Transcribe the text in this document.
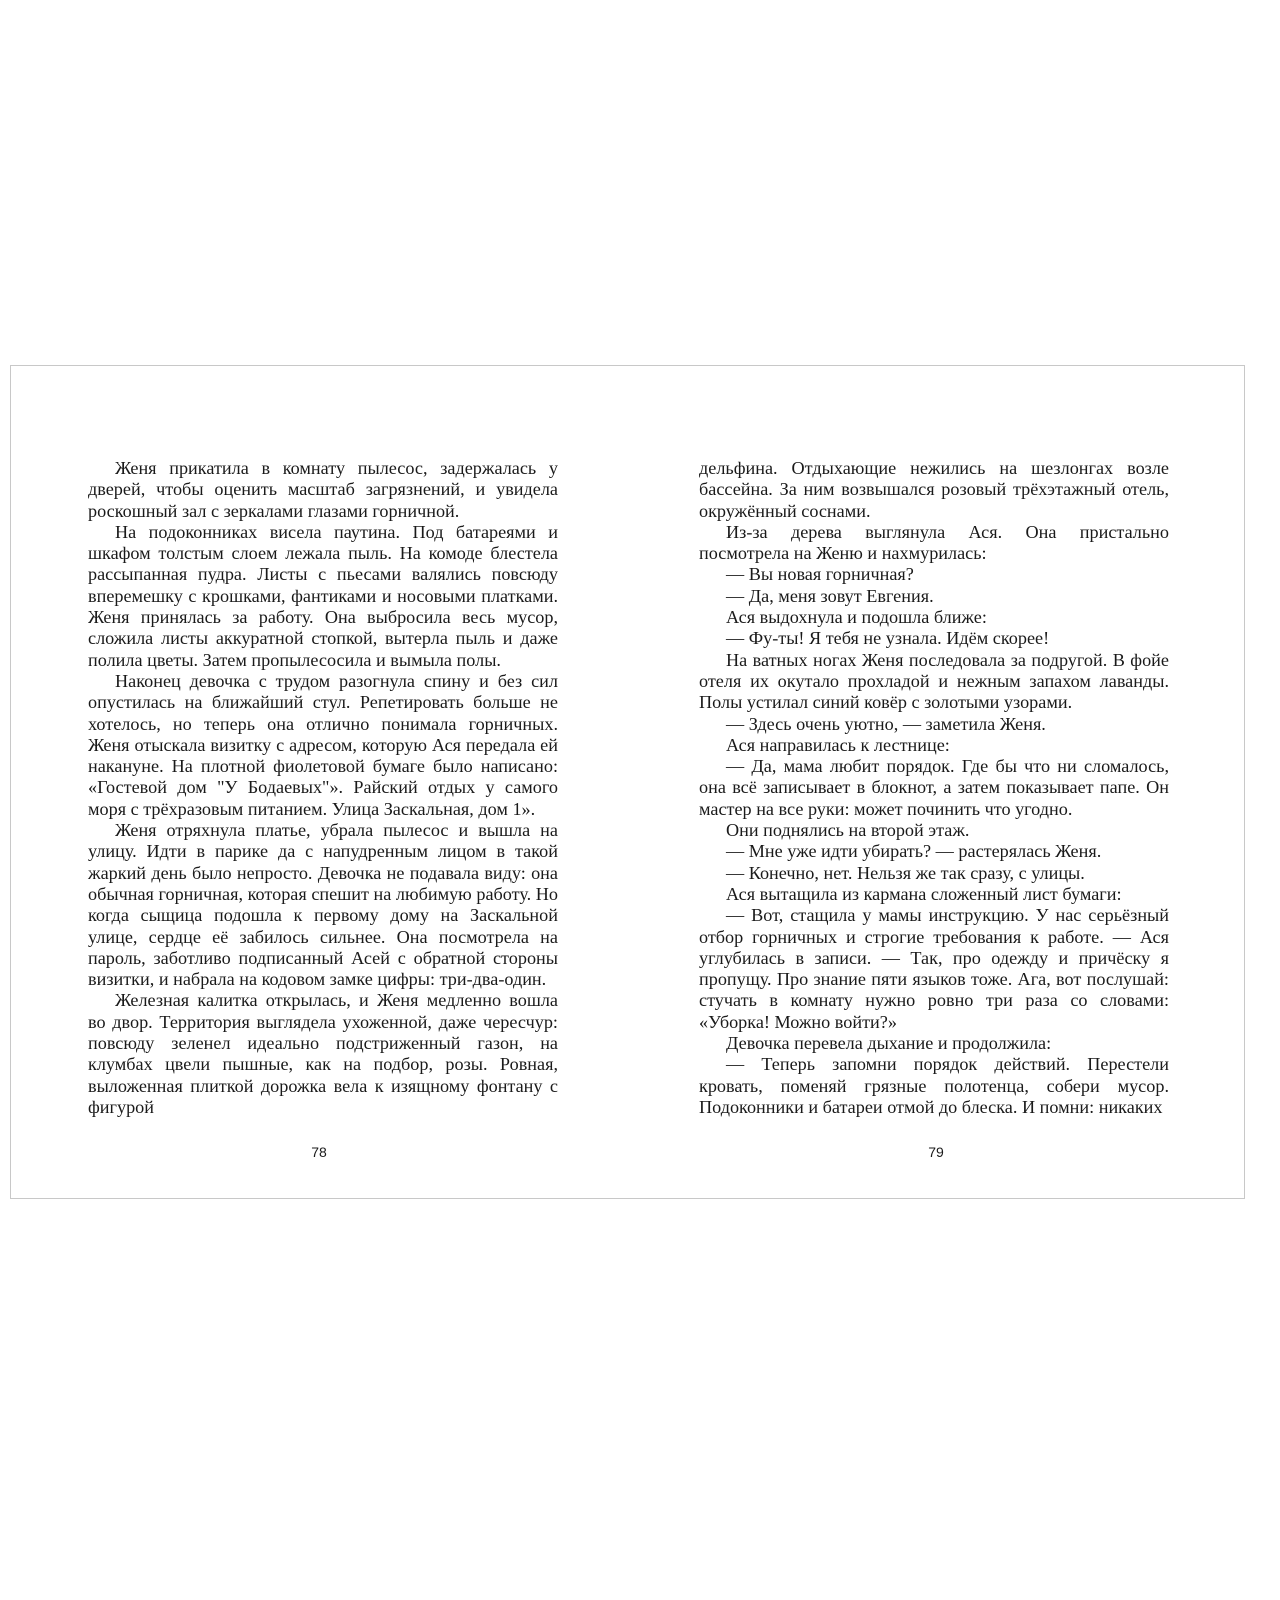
Женя прикатила в комнату пылесос, задержалась у дверей, чтобы оценить масштаб загрязнений, и увидела роскошный зал с зеркалами глазами горничной.

На подоконниках висела паутина. Под батареями и шкафом толстым слоем лежала пыль. На комоде блестела рассыпанная пудра. Листы с пьесами валялись повсюду вперемешку с крошками, фантиками и носовыми платками. Женя принялась за работу. Она выбросила весь мусор, сложила листы аккуратной стопкой, вытерла пыль и даже полила цветы. Затем пропылесосила и вымыла полы.

Наконец девочка с трудом разогнула спину и без сил опустилась на ближайший стул. Репетировать больше не хотелось, но теперь она отлично понимала горничных. Женя отыскала визитку с адресом, которую Ася передала ей накануне. На плотной фиолетовой бумаге было написано: «Гостевой дом "У Бодаевых"». Райский отдых у самого моря с трёхразовым питанием. Улица Заскальная, дом 1».

Женя отряхнула платье, убрала пылесос и вышла на улицу. Идти в парике да с напудренным лицом в такой жаркий день было непросто. Девочка не подавала виду: она обычная горничная, которая спешит на любимую работу. Но когда сыщица подошла к первому дому на Заскальной улице, сердце её забилось сильнее. Она посмотрела на пароль, заботливо подписанный Асей с обратной стороны визитки, и набрала на кодовом замке цифры: три-два-один.

Железная калитка открылась, и Женя медленно вошла во двор. Территория выглядела ухоженной, даже чересчур: повсюду зеленел идеально подстриженный газон, на клумбах цвели пышные, как на подбор, розы. Ровная, выложенная плиткой дорожка вела к изящному фонтану с фигурой

78

дельфина. Отдыхающие нежились на шезлонгах возле бассейна. За ним возвышался розовый трёхэтажный отель, окружённый соснами.

Из-за дерева выглянула Ася. Она пристально посмотрела на Женю и нахмурилась:

— Вы новая горничная?

— Да, меня зовут Евгения.

Ася выдохнула и подошла ближе:

— Фу-ты! Я тебя не узнала. Идём скорее!

На ватных ногах Женя последовала за подругой. В фойе отеля их окутало прохладой и нежным запахом лаванды. Полы устилал синий ковёр с золотыми узорами.

— Здесь очень уютно, — заметила Женя.

Ася направилась к лестнице:

— Да, мама любит порядок. Где бы что ни сломалось, она всё записывает в блокнот, а затем показывает папе. Он мастер на все руки: может починить что угодно.

Они поднялись на второй этаж.

— Мне уже идти убирать? — растерялась Женя.

— Конечно, нет. Нельзя же так сразу, с улицы.

Ася вытащила из кармана сложенный лист бумаги:

— Вот, стащила у мамы инструкцию. У нас серьёзный отбор горничных и строгие требования к работе. — Ася углубилась в записи. — Так, про одежду и причёску я пропущу. Про знание пяти языков тоже. Ага, вот послушай: стучать в комнату нужно ровно три раза со словами: «Уборка! Можно войти?»

Девочка перевела дыхание и продолжила:

— Теперь запомни порядок действий. Перестели кровать, поменяй грязные полотенца, собери мусор. Подоконники и батареи отмой до блеска. И помни: никаких

79
